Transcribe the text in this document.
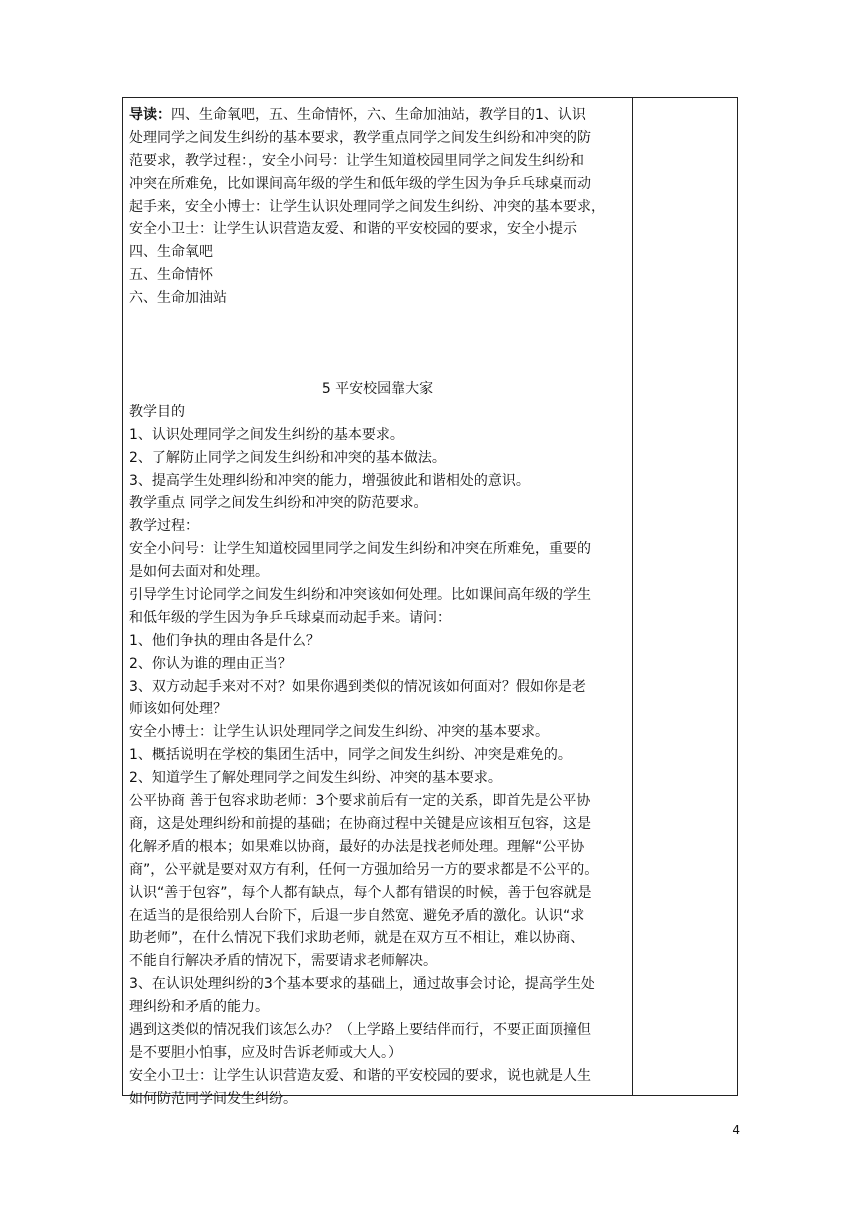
导读：四、生命氧吧，五、生命情怀，六、生命加油站，教学目的1、认识
处理同学之间发生纠纷的基本要求，教学重点同学之间发生纠纷和冲突的防
范要求，教学过程：，安全小问号：让学生知道校园里同学之间发生纠纷和
冲突在所难免，比如课间高年级的学生和低年级的学生因为争乒乓球桌而动
起手来，安全小博士：让学生认识处理同学之间发生纠纷、冲突的基本要求，
安全小卫士：让学生认识营造友爱、和谐的平安校园的要求，安全小提示
四、生命氧吧
五、生命情怀
六、生命加油站
5 平安校园靠大家
教学目的
1、认识处理同学之间发生纠纷的基本要求。
2、了解防止同学之间发生纠纷和冲突的基本做法。
3、提高学生处理纠纷和冲突的能力，增强彼此和谐相处的意识。
教学重点 同学之间发生纠纷和冲突的防范要求。
教学过程：
安全小问号：让学生知道校园里同学之间发生纠纷和冲突在所难免，重要的
是如何去面对和处理。
引导学生讨论同学之间发生纠纷和冲突该如何处理。比如课间高年级的学生
和低年级的学生因为争乒乓球桌而动起手来。请问：
1、他们争执的理由各是什么？
2、你认为谁的理由正当？
3、双方动起手来对不对？如果你遇到类似的情况该如何面对？假如你是老
师该如何处理？
安全小博士：让学生认识处理同学之间发生纠纷、冲突的基本要求。
1、概括说明在学校的集团生活中，同学之间发生纠纷、冲突是难免的。
2、知道学生了解处理同学之间发生纠纷、冲突的基本要求。
公平协商 善于包容求助老师：3个要求前后有一定的关系，即首先是公平协
商，这是处理纠纷和前提的基础；在协商过程中关键是应该相互包容，这是
化解矛盾的根本；如果难以协商，最好的办法是找老师处理。理解“公平协
商”，公平就是要对双方有利，任何一方强加给另一方的要求都是不公平的。
认识“善于包容”，每个人都有缺点，每个人都有错误的时候，善于包容就是
在适当的是很给别人台阶下，后退一步自然宽、避免矛盾的激化。认识“求
助老师”，在什么情况下我们求助老师，就是在双方互不相让，难以协商、
不能自行解决矛盾的情况下，需要请求老师解决。
3、在认识处理纠纷的3个基本要求的基础上，通过故事会讨论，提高学生处
理纠纷和矛盾的能力。
遇到这类似的情况我们该怎么办？（上学路上要结伴而行，不要正面顶撞但
是不要胆小怕事，应及时告诉老师或大人。）
安全小卫士：让学生认识营造友爱、和谐的平安校园的要求，说也就是人生
如何防范同学间发生纠纷。
4
